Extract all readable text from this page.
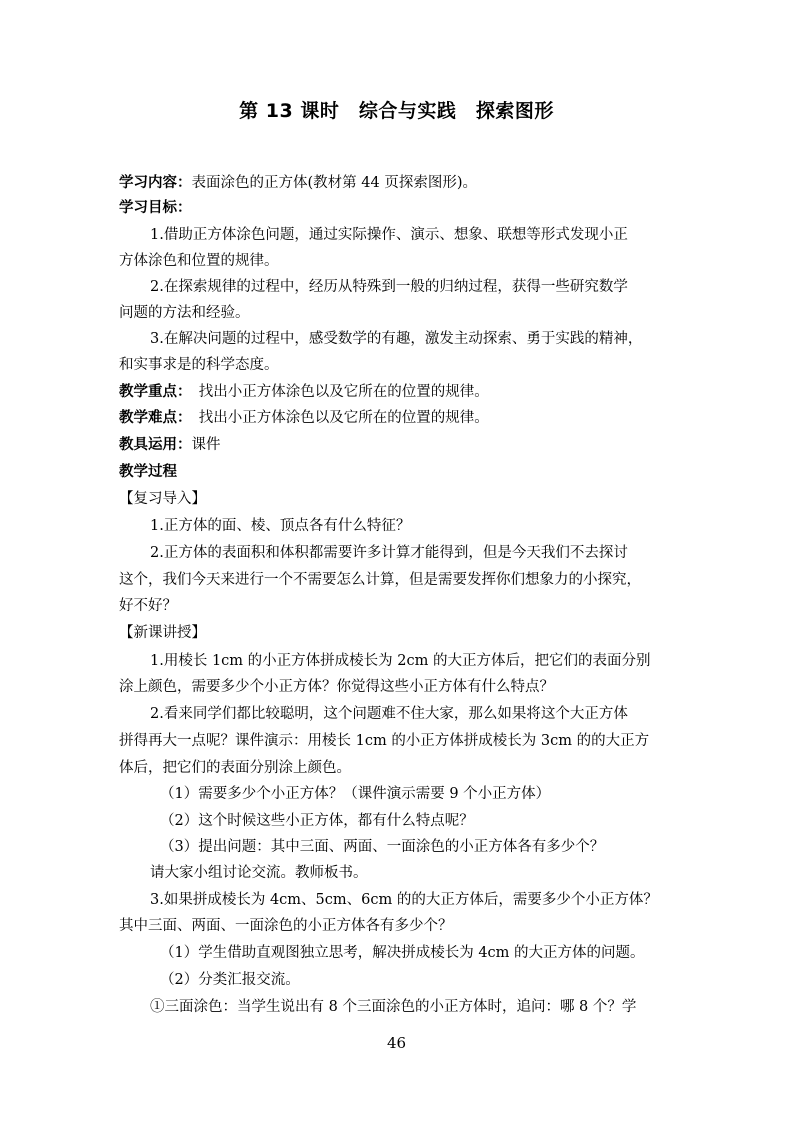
第 13 课时　综合与实践　探索图形
学习内容：表面涂色的正方体(教材第 44 页探索图形)。
学习目标：
1.借助正方体涂色问题，通过实际操作、演示、想象、联想等形式发现小正
方体涂色和位置的规律。
2.在探索规律的过程中，经历从特殊到一般的归纳过程，获得一些研究数学
问题的方法和经验。
3.在解决问题的过程中，感受数学的有趣，激发主动探索、勇于实践的精神，
和实事求是的科学态度。
教学重点：　找出小正方体涂色以及它所在的位置的规律。
教学难点：　找出小正方体涂色以及它所在的位置的规律。
教具运用：课件
教学过程
【复习导入】
1.正方体的面、棱、顶点各有什么特征？
2.正方体的表面积和体积都需要许多计算才能得到，但是今天我们不去探讨
这个，我们今天来进行一个不需要怎么计算，但是需要发挥你们想象力的小探究，
好不好？
【新课讲授】
1.用棱长 1cm 的小正方体拼成棱长为 2cm 的大正方体后，把它们的表面分别
涂上颜色，需要多少个小正方体？你觉得这些小正方体有什么特点？
2.看来同学们都比较聪明，这个问题难不住大家，那么如果将这个大正方体
拼得再大一点呢？课件演示：用棱长 1cm 的小正方体拼成棱长为 3cm 的的大正方
体后，把它们的表面分别涂上颜色。
（1）需要多少个小正方体？（课件演示需要 9 个小正方体）
（2）这个时候这些小正方体，都有什么特点呢？
（3）提出问题：其中三面、两面、一面涂色的小正方体各有多少个？
请大家小组讨论交流。教师板书。
3.如果拼成棱长为 4cm、5cm、6cm 的的大正方体后，需要多少个小正方体？
其中三面、两面、一面涂色的小正方体各有多少个？
（1）学生借助直观图独立思考，解决拼成棱长为 4cm 的大正方体的问题。
（2）分类汇报交流。
①三面涂色：当学生说出有 8 个三面涂色的小正方体时，追问：哪 8 个？学
46
